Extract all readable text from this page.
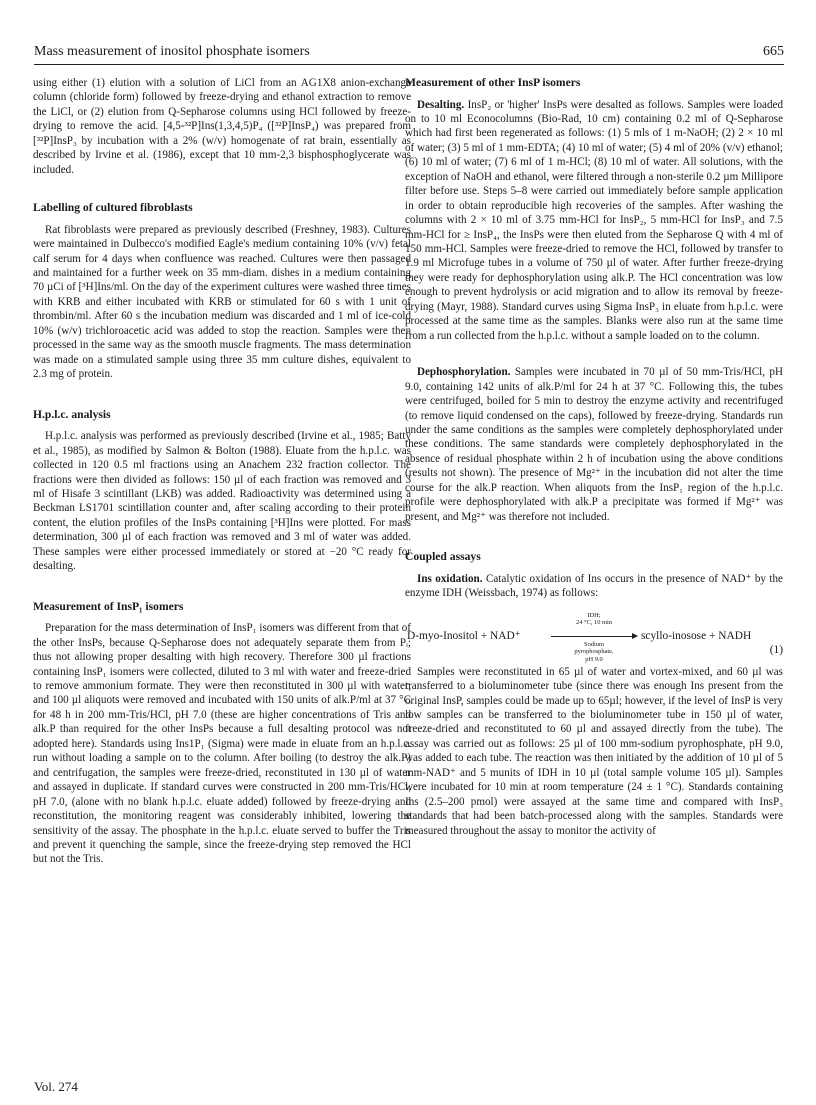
Mass measurement of inositol phosphate isomers	665

using either (1) elution with a solution of LiCl from an AG1X8 anion-exchange column (chloride form) followed by freeze-drying and ethanol extraction to remove the LiCl, or (2) elution from Q-Sepharose columns using HCl followed by freeze-drying to remove the acid. [4,5-³²P]Ins(1,3,4,5)P₄ ([³²P]InsP₄) was prepared from [³²P]InsP₃ by incubation with a 2% (w/v) homogenate of rat brain, essentially as described by Irvine et al. (1986), except that 10 mm-2,3 bisphosphoglycerate was included.

Labelling of cultured fibroblasts

Rat fibroblasts were prepared as previously described (Freshney, 1983). Cultures were maintained in Dulbecco's modified Eagle's medium containing 10% (v/v) fetal calf serum for 4 days when confluence was reached. Cultures were then passaged and maintained for a further week on 35 mm-diam. dishes in a medium containing 70 µCi of [³H]Ins/ml. On the day of the experiment cultures were washed three times with KRB and either incubated with KRB or stimulated for 60 s with 1 unit of thrombin/ml. After 60 s the incubation medium was discarded and 1 ml of ice-cold 10% (w/v) trichloroacetic acid was added to stop the reaction. Samples were then processed in the same way as the smooth muscle fragments. The mass determination was made on a stimulated sample using three 35 mm culture dishes, equivalent to 2.3 mg of protein.

H.p.l.c. analysis

H.p.l.c. analysis was performed as previously described (Irvine et al., 1985; Batty et al., 1985), as modified by Salmon & Bolton (1988). Eluate from the h.p.l.c. was collected in 120 0.5 ml fractions using an Anachem 232 fraction collector. The fractions were then divided as follows: 150 µl of each fraction was removed and 3 ml of Hisafe 3 scintillant (LKB) was added. Radioactivity was determined using a Beckman LS1701 scintillation counter and, after scaling according to their protein content, the elution profiles of the InsPs containing [³H]Ins were plotted. For mass determination, 300 µl of each fraction was removed and 3 ml of water was added. These samples were either processed immediately or stored at −20 °C ready for desalting.

Measurement of InsP₁ isomers

Preparation for the mass determination of InsP₁ isomers was different from that of the other InsPs, because Q-Sepharose does not adequately separate them from Pᵢ; thus not allowing proper desalting with high recovery. Therefore 300 µl fractions containing InsP₁ isomers were collected, diluted to 3 ml with water and freeze-dried to remove ammonium formate. They were then reconstituted in 300 µl with water, and 100 µl aliquots were removed and incubated with 150 units of alk.P/ml at 37 °C for 48 h in 200 mm-Tris/HCl, pH 7.0 (these are higher concentrations of Tris and alk.P than required for the other InsPs because a full desalting protocol was not adopted here). Standards using Ins1P₁ (Sigma) were made in eluate from an h.p.l.c. run without loading a sample on to the column. After boiling (to destroy the alk.P) and centrifugation, the samples were freeze-dried, reconstituted in 130 µl of water and assayed in duplicate. If standard curves were constructed in 200 mm-Tris/HCl, pH 7.0, (alone with no blank h.p.l.c. eluate added) followed by freeze-drying and reconstitution, the monitoring reagent was considerably inhibited, lowering the sensitivity of the assay. The phosphate in the h.p.l.c. eluate served to buffer the Tris and prevent it quenching the sample, since the freeze-drying step removed the HCl but not the Tris.

Measurement of other InsP isomers

Desalting. InsP₂ or 'higher' InsPs were desalted as follows. Samples were loaded on to 10 ml Econocolumns (Bio-Rad, 10 cm) containing 0.2 ml of Q-Sepharose which had first been regenerated as follows: (1) 5 mls of 1 m-NaOH; (2) 2 × 10 ml of water; (3) 5 ml of 1 mm-EDTA; (4) 10 ml of water; (5) 4 ml of 20% (v/v) ethanol; (6) 10 ml of water; (7) 6 ml of 1 m-HCl; (8) 10 ml of water. All solutions, with the exception of NaOH and ethanol, were filtered through a non-sterile 0.2 µm Millipore filter before use. Steps 5–8 were carried out immediately before sample application in order to obtain reproducible high recoveries of the samples. After washing the columns with 2 × 10 ml of 3.75 mm-HCl for InsP₂, 5 mm-HCl for InsP₃ and 7.5 mm-HCl for ≥ InsP₄, the InsPs were then eluted from the Sepharose Q with 4 ml of 150 mm-HCl. Samples were freeze-dried to remove the HCl, followed by transfer to 1.9 ml Microfuge tubes in a volume of 750 µl of water. After further freeze-drying they were ready for dephosphorylation using alk.P. The HCl concentration was low enough to prevent hydrolysis or acid migration and to allow its removal by freeze-drying (Mayr, 1988). Standard curves using Sigma InsP₃ in eluate from h.p.l.c. were processed at the same time as the samples. Blanks were also run at the same time from a run collected from the h.p.l.c. without a sample loaded on to the column.

Dephosphorylation. Samples were incubated in 70 µl of 50 mm-Tris/HCl, pH 9.0, containing 142 units of alk.P/ml for 24 h at 37 °C. Following this, the tubes were centrifuged, boiled for 5 min to destroy the enzyme activity and recentrifuged (to remove liquid condensed on the caps), followed by freeze-drying. Standards run under the same conditions as the samples were completely dephosphorylated under these conditions. The same standards were completely dephosphorylated in the absence of residual phosphate within 2 h of incubation using the above conditions (results not shown). The presence of Mg²⁺ in the incubation did not alter the time course for the alk.P reaction. When aliquots from the InsP₁ region of the h.p.l.c. profile were dephosphorylated with alk.P a precipitate was formed if Mg²⁺ was present, and Mg²⁺ was therefore not included.

Coupled assays

Ins oxidation. Catalytic oxidation of Ins occurs in the presence of NAD⁺ by the enzyme IDH (Weissbach, 1974) as follows:

D-myo-Inositol + NAD⁺
IDH;
24 °C, 10 min
Sodium
pyrophosphate,
pH 9.0
scyllo-inosose + NADH
(1)

Samples were reconstituted in 65 µl of water and vortex-mixed, and 60 µl was transferred to a bioluminometer tube (since there was enough Ins present from the original InsP, samples could be made up to 65µl; however, if the level of InsP is very low samples can be transferred to the bioluminometer tube in 150 µl of water, freeze-dried and reconstituted to 60 µl and assayed directly from the tube). The assay was carried out as follows: 25 µl of 100 mm-sodium pyrophosphate, pH 9.0, was added to each tube. The reaction was then initiated by the addition of 10 µl of 5 mm-NAD⁺ and 5 munits of IDH in 10 µl (total sample volume 105 µl). Samples were incubated for 10 min at room temperature (24 ± 1 °C). Standards containing Ins (2.5–200 pmol) were assayed at the same time and compared with InsP₃ standards that had been batch-processed along with the samples. Standards were measured throughout the assay to monitor the activity of

Vol. 274
